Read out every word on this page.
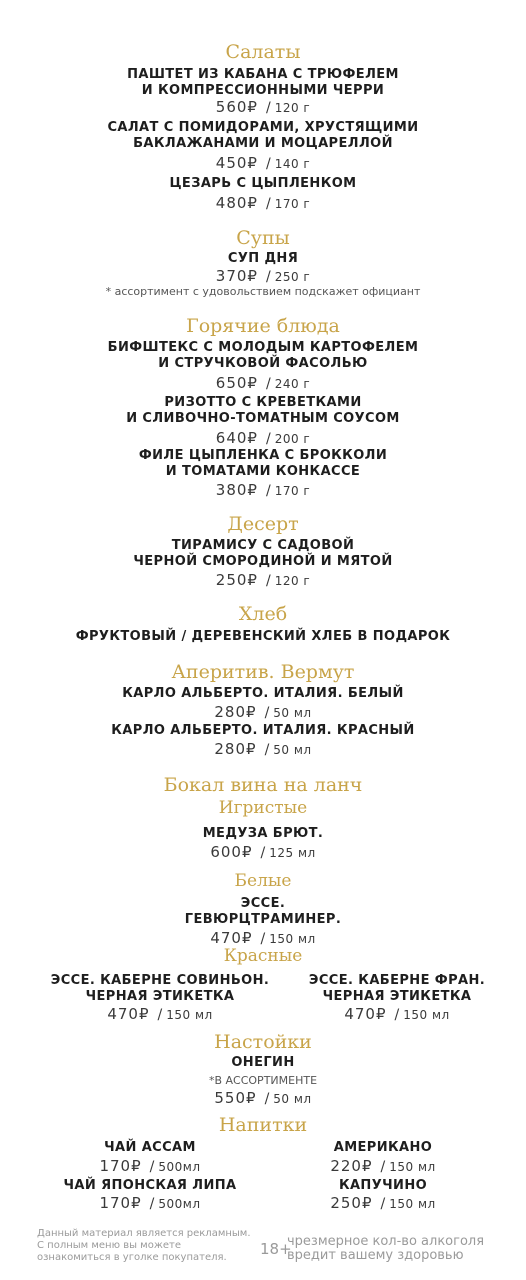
Салаты
ПАШТЕТ ИЗ КАБАНА С ТРЮФЕЛЕМ
И КОМПРЕССИОННЫМИ ЧЕРРИ
560₽ / 120 г
САЛАТ С ПОМИДОРАМИ, ХРУСТЯЩИМИ
БАКЛАЖАНАМИ И МОЦАРЕЛЛОЙ
450₽ / 140 г
ЦЕЗАРЬ С ЦЫПЛЕНКОМ
480₽ / 170 г
Супы
СУП ДНЯ
370₽ / 250 г
* ассортимент с удовольствием подскажет официант
Горячие блюда
БИФШТЕКС С МОЛОДЫМ КАРТОФЕЛЕМ
И СТРУЧКОВОЙ ФАСОЛЬЮ
650₽ / 240 г
РИЗОТТО С КРЕВЕТКАМИ
И СЛИВОЧНО-ТОМАТНЫМ СОУСОМ
640₽ / 200 г
ФИЛЕ ЦЫПЛЕНКА С БРОККОЛИ
И ТОМАТАМИ КОНКАССЕ
380₽ / 170 г
Десерт
ТИРАМИСУ С САДОВОЙ
ЧЕРНОЙ СМОРОДИНОЙ И МЯТОЙ
250₽ / 120 г
Хлеб
ФРУКТОВЫЙ / ДЕРЕВЕНСКИЙ ХЛЕБ В ПОДАРОК
Аперитив. Вермут
КАРЛО АЛЬБЕРТО. ИТАЛИЯ. БЕЛЫЙ
280₽ / 50 мл
КАРЛО АЛЬБЕРТО. ИТАЛИЯ. КРАСНЫЙ
280₽ / 50 мл
Бокал вина на ланч
Игристые
МЕДУЗА БРЮТ.
600₽ / 125 мл
Белые
ЭССЕ.
ГЕВЮРЦТРАМИНЕР.
470₽ / 150 мл
Красные
ЭССЕ. КАБЕРНЕ СОВИНЬОН.
ЧЕРНАЯ ЭТИКЕТКА
470₽ / 150 мл
ЭССЕ. КАБЕРНЕ ФРАН.
ЧЕРНАЯ ЭТИКЕТКА
470₽ / 150 мл
Настойки
ОНЕГИН
*В АССОРТИМЕНТЕ
550₽ / 50 мл
Напитки
ЧАЙ АССАМ
170₽ / 500мл
АМЕРИКАНО
220₽ / 150 мл
ЧАЙ ЯПОНСКАЯ ЛИПА
170₽ / 500мл
КАПУЧИНО
250₽ / 150 мл
Данный материал является рекламным.
С полным меню вы можете
ознакомиться в уголке покупателя.	18+
чрезмерное кол-во алкоголя
вредит вашему здоровью
